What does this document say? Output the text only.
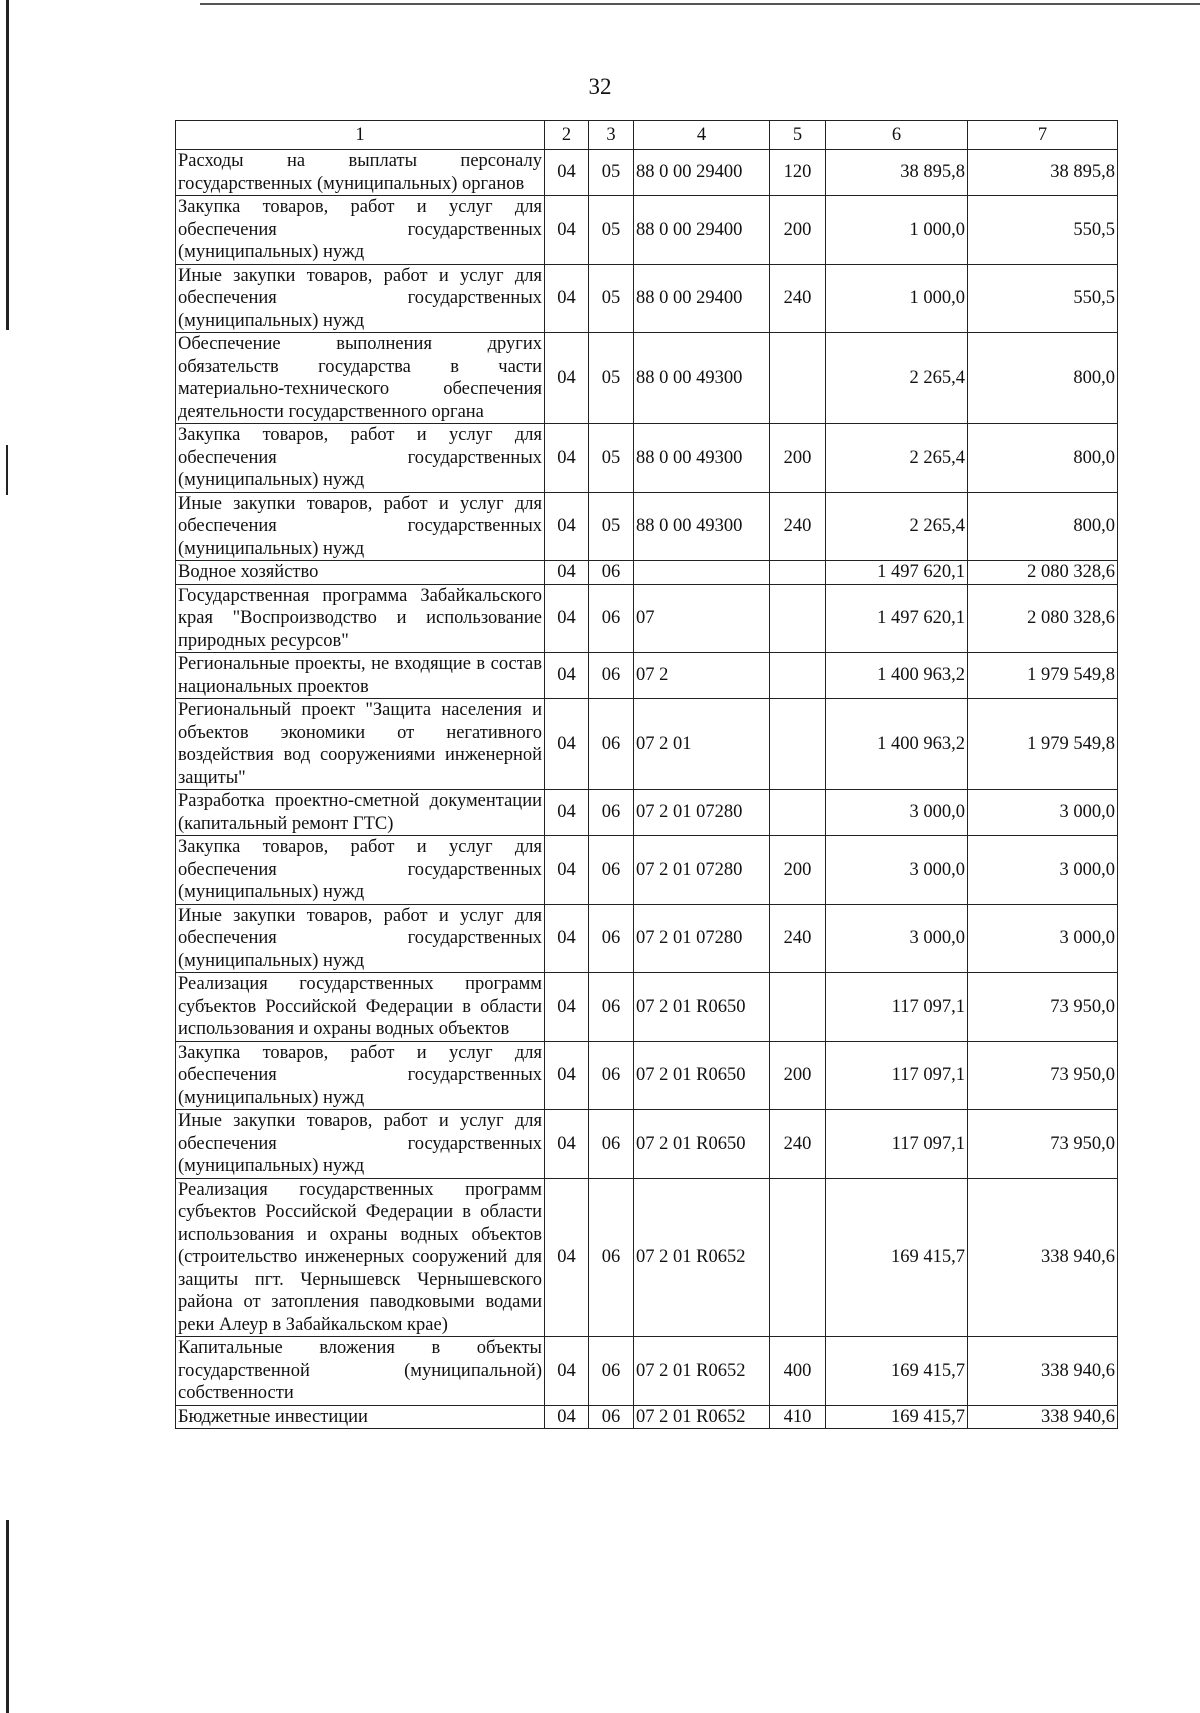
32
1	2	3	4	5	6	7
Расходы на выплаты персоналу государственных (муниципальных) органов	04	05	88 0 00 29400	120	38 895,8	38 895,8
Закупка товаров, работ и услуг для обеспечения государственных (муниципальных) нужд	04	05	88 0 00 29400	200	1 000,0	550,5
Иные закупки товаров, работ и услуг для обеспечения государственных (муниципальных) нужд	04	05	88 0 00 29400	240	1 000,0	550,5
Обеспечение выполнения других обязательств государства в части материально-технического обеспечения деятельности государственного органа	04	05	88 0 00 49300		2 265,4	800,0
Закупка товаров, работ и услуг для обеспечения государственных (муниципальных) нужд	04	05	88 0 00 49300	200	2 265,4	800,0
Иные закупки товаров, работ и услуг для обеспечения государственных (муниципальных) нужд	04	05	88 0 00 49300	240	2 265,4	800,0
Водное хозяйство	04	06			1 497 620,1	2 080 328,6
Государственная программа Забайкальского края "Воспроизводство и использование природных ресурсов"	04	06	07		1 497 620,1	2 080 328,6
Региональные проекты, не входящие в состав национальных проектов	04	06	07 2		1 400 963,2	1 979 549,8
Региональный проект "Защита населения и объектов экономики от негативного воздействия вод сооружениями инженерной защиты"	04	06	07 2 01		1 400 963,2	1 979 549,8
Разработка проектно-сметной документации (капитальный ремонт ГТС)	04	06	07 2 01 07280		3 000,0	3 000,0
Закупка товаров, работ и услуг для обеспечения государственных (муниципальных) нужд	04	06	07 2 01 07280	200	3 000,0	3 000,0
Иные закупки товаров, работ и услуг для обеспечения государственных (муниципальных) нужд	04	06	07 2 01 07280	240	3 000,0	3 000,0
Реализация государственных программ субъектов Российской Федерации в области использования и охраны водных объектов	04	06	07 2 01 R0650		117 097,1	73 950,0
Закупка товаров, работ и услуг для обеспечения государственных (муниципальных) нужд	04	06	07 2 01 R0650	200	117 097,1	73 950,0
Иные закупки товаров, работ и услуг для обеспечения государственных (муниципальных) нужд	04	06	07 2 01 R0650	240	117 097,1	73 950,0
Реализация государственных программ субъектов Российской Федерации в области использования и охраны водных объектов (строительство инженерных сооружений для защиты пгт. Чернышевск Чернышевского района от затопления паводковыми водами реки Алеур в Забайкальском крае)	04	06	07 2 01 R0652		169 415,7	338 940,6
Капитальные вложения в объекты государственной (муниципальной) собственности	04	06	07 2 01 R0652	400	169 415,7	338 940,6
Бюджетные инвестиции	04	06	07 2 01 R0652	410	169 415,7	338 940,6
